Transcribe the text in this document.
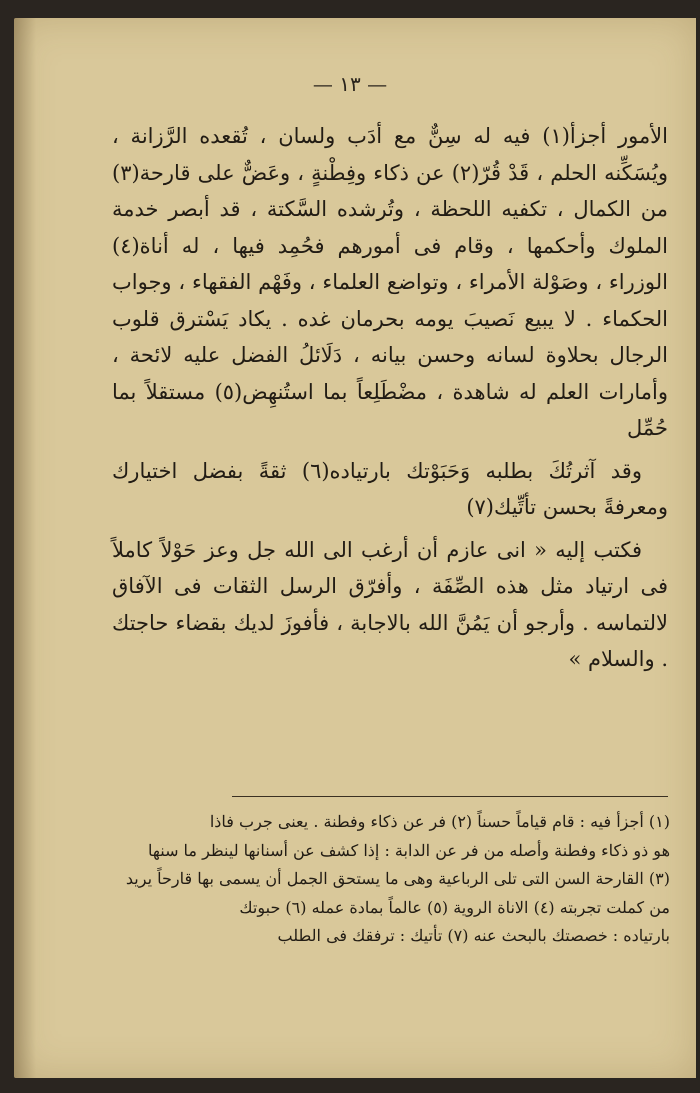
— ١٣ —

الأمور أجزأ(١) فيه له سِنٌّ مع أدَب ولسان ، تُقعده الرَّزانة ، ويُسَكِّنه الحلم ، قَدْ قُرّ(٢) عن ذكاء وفِطْنةٍ ، وعَضٌّ على قارحة(٣) من الكمال ، تكفيه اللحظة ، وتُرشده السَّكتة ، قد أبصر خدمة الملوك وأحكمها ، وقام فى أمورهم فحُمِد فيها ، له أناة(٤) الوزراء ، وصَوْلة الأمراء ، وتواضع العلماء ، وفَهْم الفقهاء ، وجواب الحكماء . لا يبيع نَصيبَ يومه بحرمان غده . يكاد يَسْترق قلوب الرجال بحلاوة لسانه وحسن بيانه ، دَلَائلُ الفضل عليه لائحة ، وأمارات العلم له شاهدة ، مضْطَلِعاً بما استُنهِض(٥) مستقلاً بما حُمِّل

وقد آثرتُكَ بطلبه وَحَبَوْتك بارتياده(٦) ثقةً بفضل اختيارك ومعرفةً بحسن تأتِّيك(٧)

فكتب إليه « انى عازم أن أرغب الى الله جل وعز حَوْلاً كاملاً فى ارتياد مثل هذه الصِّفَة ، وأفرّق الرسل الثقات فى الآفاق لالتماسه . وأرجو أن يَمُنَّ الله بالاجابة ، فأفوزَ لديك بقضاء حاجتك . والسلام »

(١) أجزأ فيه : قام قياماً حسناً (٢) فر عن ذكاء وفطنة . يعنى جرب فاذا

هو ذو ذكاء وفطنة وأصله من فر عن الدابة : إذا كشف عن أسنانها لينظر ما سنها

(٣) القارحة السن التى تلى الرباعية وهى ما يستحق الجمل أن يسمى بها قارحاً يريد

من كملت تجربته (٤) الاناة الروية (٥) عالماً بمادة عمله (٦) حبوتك

بارتياده : خصصتك بالبحث عنه (٧) تأتيك : ترفقك فى الطلب
